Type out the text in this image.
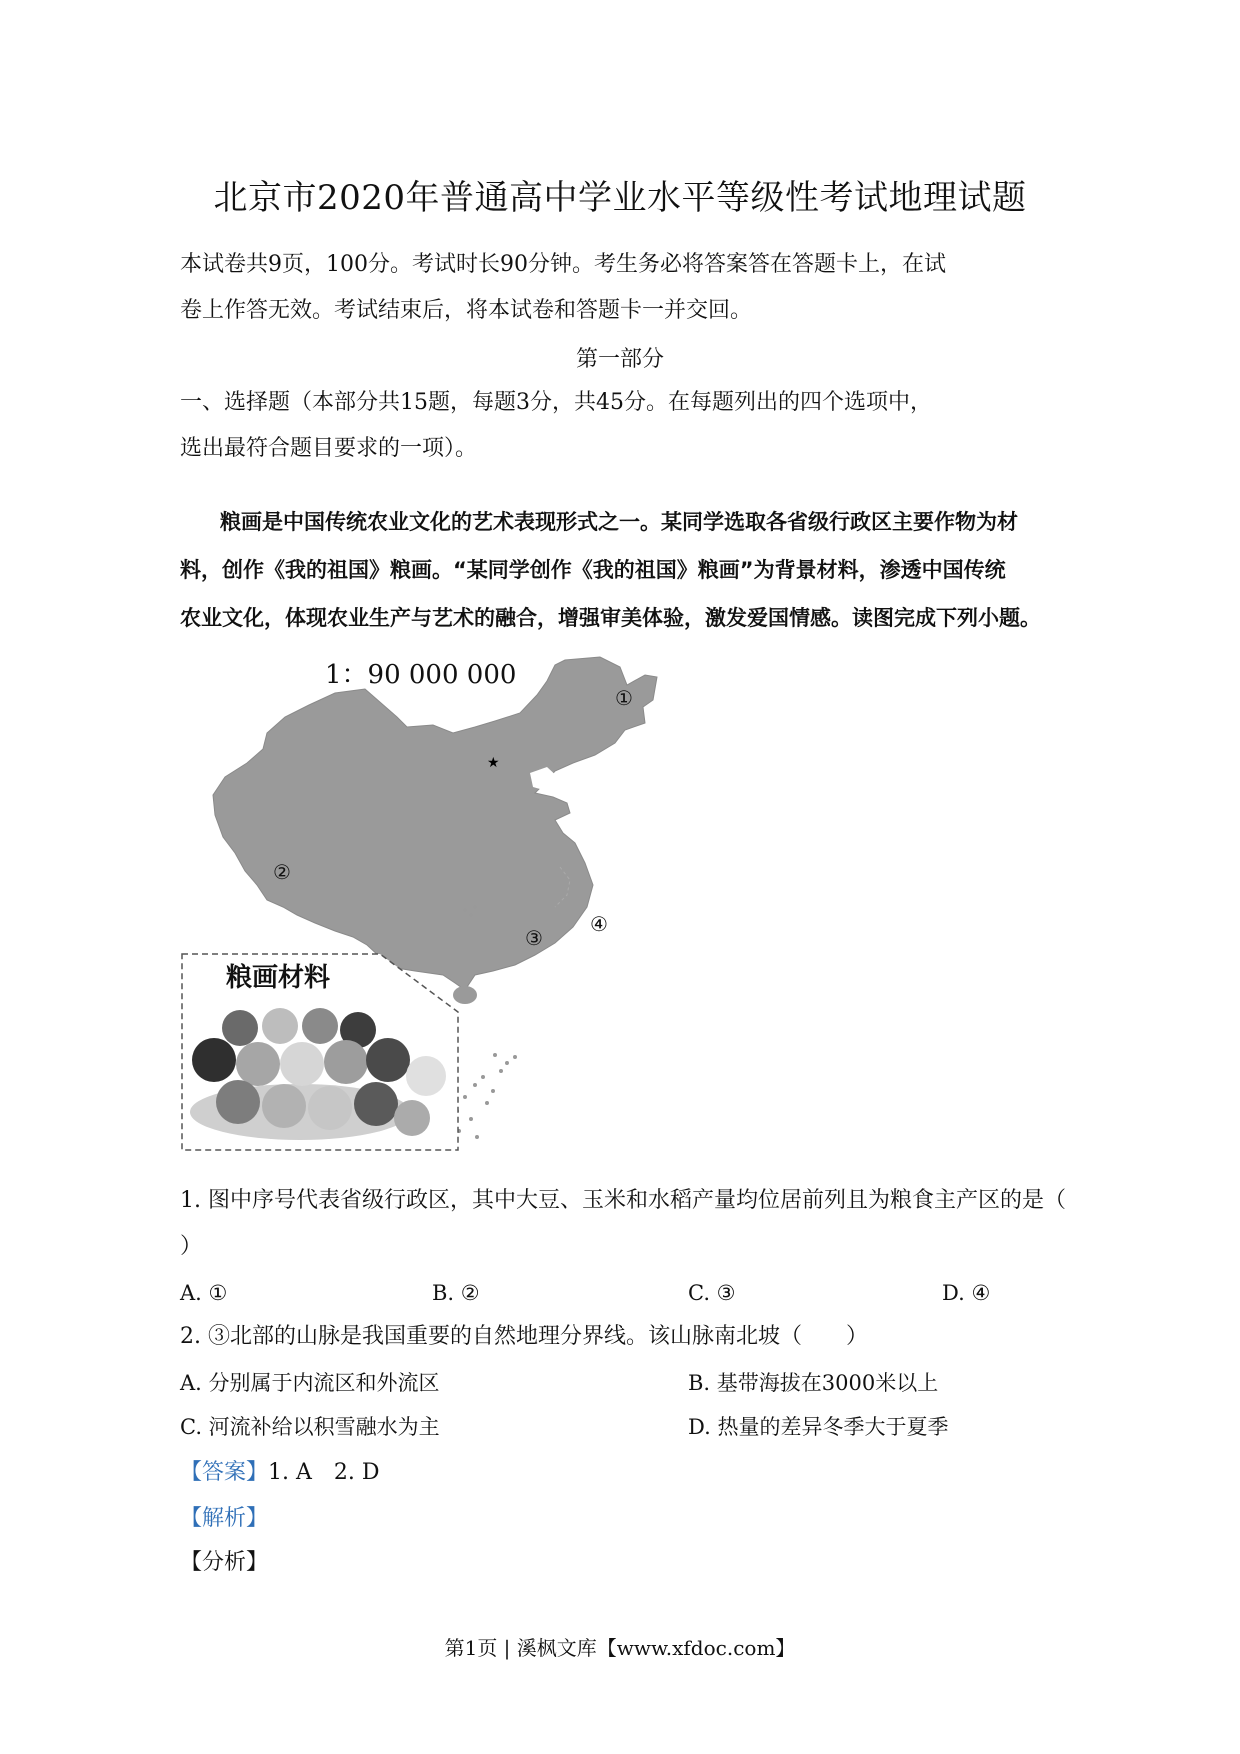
北京市2020年普通高中学业水平等级性考试地理试题
本试卷共9页，100分。考试时长90分钟。考生务必将答案答在答题卡上，在试
卷上作答无效。考试结束后，将本试卷和答题卡一并交回。
第一部分
一、选择题（本部分共15题，每题3分，共45分。在每题列出的四个选项中，
选出最符合题目要求的一项）。
粮画是中国传统农业文化的艺术表现形式之一。某同学选取各省级行政区主要作物为材
料，创作《我的祖国》粮画。“某同学创作《我的祖国》粮画”为背景材料，渗透中国传统
农业文化，体现农业生产与艺术的融合，增强审美体验，激发爱国情感。读图完成下列小题。
★
1：90 000 000
①
②
③
④
粮画材料
1. 图中序号代表省级行政区，其中大豆、玉米和水稻产量均位居前列且为粮食主产区的是（
）
A. ①	B. ②	C. ③	D. ④
2. ③北部的山脉是我国重要的自然地理分界线。该山脉南北坡（　　）
A. 分别属于内流区和外流区	B. 基带海拔在3000米以上
C. 河流补给以积雪融水为主	D. 热量的差异冬季大于夏季
【答案】1. A　2. D
【解析】
【分析】
第1页 | 溪枫文库【www.xfdoc.com】
